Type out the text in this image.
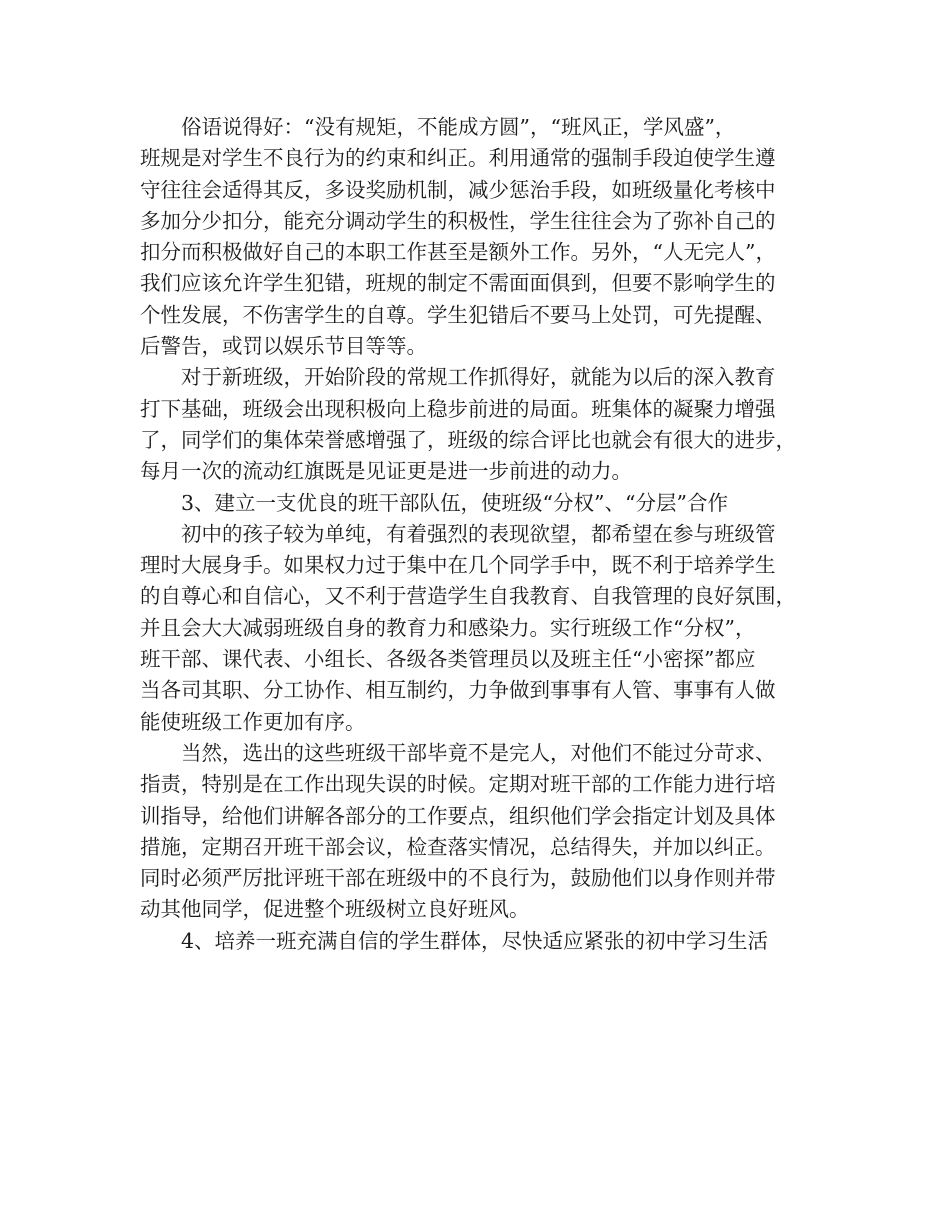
俗语说得好：“没有规矩，不能成方圆”，“班风正，学风盛”，
班规是对学生不良行为的约束和纠正。利用通常的强制手段迫使学生遵
守往往会适得其反，多设奖励机制，减少惩治手段，如班级量化考核中
多加分少扣分，能充分调动学生的积极性，学生往往会为了弥补自己的
扣分而积极做好自己的本职工作甚至是额外工作。另外，“人无完人”，
我们应该允许学生犯错，班规的制定不需面面俱到，但要不影响学生的
个性发展，不伤害学生的自尊。学生犯错后不要马上处罚，可先提醒、
后警告，或罚以娱乐节目等等。
对于新班级，开始阶段的常规工作抓得好，就能为以后的深入教育
打下基础，班级会出现积极向上稳步前进的局面。班集体的凝聚力增强
了，同学们的集体荣誉感增强了，班级的综合评比也就会有很大的进步，
每月一次的流动红旗既是见证更是进一步前进的动力。
3、建立一支优良的班干部队伍，使班级“分权”、“分层”合作
初中的孩子较为单纯，有着强烈的表现欲望，都希望在参与班级管
理时大展身手。如果权力过于集中在几个同学手中，既不利于培养学生
的自尊心和自信心，又不利于营造学生自我教育、自我管理的良好氛围，
并且会大大减弱班级自身的教育力和感染力。实行班级工作“分权”，
班干部、课代表、小组长、各级各类管理员以及班主任“小密探”都应
当各司其职、分工协作、相互制约，力争做到事事有人管、事事有人做
能使班级工作更加有序。
当然，选出的这些班级干部毕竟不是完人，对他们不能过分苛求、
指责，特别是在工作出现失误的时候。定期对班干部的工作能力进行培
训指导，给他们讲解各部分的工作要点，组织他们学会指定计划及具体
措施，定期召开班干部会议，检查落实情况，总结得失，并加以纠正。
同时必须严厉批评班干部在班级中的不良行为，鼓励他们以身作则并带
动其他同学，促进整个班级树立良好班风。
4、培养一班充满自信的学生群体，尽快适应紧张的初中学习生活
